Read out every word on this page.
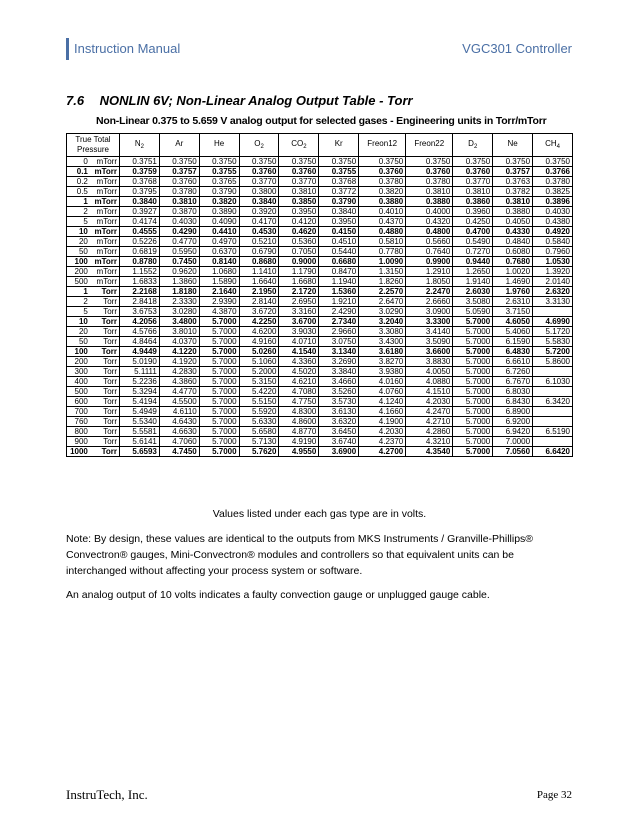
Instruction Manual	VGC301 Controller
7.6 NONLIN 6V; Non-Linear Analog Output Table - Torr
Non-Linear 0.375 to 5.659 V analog output for selected gases - Engineering units in Torr/mTorr
True Total Pressure		$N_2$	Ar	He	$O_2$	$CO_2$	Kr	Freon12	Freon22	$D_2$	Ne	$CH_4$
0	mTorr	0.3751	0.3750	0.3750	0.3750	0.3750	0.3750	0.3750	0.3750	0.3750	0.3750	0.3750
0.1	mTorr	0.3759	0.3757	0.3755	0.3760	0.3760	0.3755	0.3760	0.3760	0.3760	0.3757	0.3766
0.2	mTorr	0.3768	0.3760	0.3765	0.3770	0.3770	0.3768	0.3780	0.3780	0.3770	0.3763	0.3780
0.5	mTorr	0.3795	0.3780	0.3790	0.3800	0.3810	0.3772	0.3820	0.3810	0.3810	0.3782	0.3825
1	mTorr	0.3840	0.3810	0.3820	0.3840	0.3850	0.3790	0.3880	0.3880	0.3860	0.3810	0.3896
2	mTorr	0.3927	0.3870	0.3890	0.3920	0.3950	0.3840	0.4010	0.4000	0.3960	0.3880	0.4030
5	mTorr	0.4174	0.4030	0.4090	0.4170	0.4120	0.3950	0.4370	0.4320	0.4250	0.4050	0.4380
10	mTorr	0.4555	0.4290	0.4410	0.4530	0.4620	0.4150	0.4880	0.4800	0.4700	0.4330	0.4920
20	mTorr	0.5226	0.4770	0.4970	0.5210	0.5360	0.4510	0.5810	0.5660	0.5490	0.4840	0.5840
50	mTorr	0.6819	0.5950	0.6370	0.6790	0.7050	0.5440	0.7780	0.7640	0.7270	0.6080	0.7960
100	mTorr	0.8780	0.7450	0.8140	0.8680	0.9000	0.6680	1.0090	0.9900	0.9440	0.7680	1.0530
200	mTorr	1.1552	0.9620	1.0680	1.1410	1.1790	0.8470	1.3150	1.2910	1.2650	1.0020	1.3920
500	mTorr	1.6833	1.3860	1.5890	1.6640	1.6680	1.1940	1.8260	1.8050	1.9140	1.4690	2.0140
1	Torr	2.2168	1.8180	2.1640	2.1950	2.1720	1.5360	2.2570	2.2470	2.6030	1.9760	2.6320
2	Torr	2.8418	2.3330	2.9390	2.8140	2.6950	1.9210	2.6470	2.6660	3.5080	2.6310	3.3130
5	Torr	3.6753	3.0280	4.3870	3.6720	3.3160	2.4290	3.0290	3.0900	5.0590	3.7150	
10	Torr	4.2056	3.4800	5.7000	4.2250	3.6700	2.7340	3.2040	3.3300	5.7000	4.6050	4.6990
20	Torr	4.5766	3.8010	5.7000	4.6200	3.9030	2.9660	3.3080	3.4140	5.7000	5.4060	5.1720
50	Torr	4.8464	4.0370	5.7000	4.9160	4.0710	3.0750	3.4300	3.5090	5.7000	6.1590	5.5830
100	Torr	4.9449	4.1220	5.7000	5.0260	4.1540	3.1340	3.6180	3.6600	5.7000	6.4830	5.7200
200	Torr	5.0190	4.1920	5.7000	5.1060	4.3360	3.2690	3.8270	3.8830	5.7000	6.6610	5.8600
300	Torr	5.1111	4.2830	5.7000	5.2000	4.5020	3.3840	3.9380	4.0050	5.7000	6.7260	
400	Torr	5.2236	4.3860	5.7000	5.3150	4.6210	3.4660	4.0160	4.0880	5.7000	6.7670	6.1030
500	Torr	5.3294	4.4770	5.7000	5.4220	4.7080	3.5260	4.0760	4.1510	5.7000	6.8030	
600	Torr	5.4194	4.5500	5.7000	5.5150	4.7750	3.5730	4.1240	4.2030	5.7000	6.8430	6.3420
700	Torr	5.4949	4.6110	5.7000	5.5920	4.8300	3.6130	4.1660	4.2470	5.7000	6.8900	
760	Torr	5.5340	4.6430	5.7000	5.6330	4.8600	3.6320	4.1900	4.2710	5.7000	6.9200	
800	Torr	5.5581	4.6630	5.7000	5.6580	4.8770	3.6450	4.2030	4.2860	5.7000	6.9420	6.5190
900	Torr	5.6141	4.7060	5.7000	5.7130	4.9190	3.6740	4.2370	4.3210	5.7000	7.0000	
1000	Torr	5.6593	4.7450	5.7000	5.7620	4.9550	3.6900	4.2700	4.3540	5.7000	7.0560	6.6420
Values listed under each gas type are in volts.
Note: By design, these values are identical to the outputs from MKS Instruments / Granville-Phillips® Convectron® gauges, Mini-Convectron® modules and controllers so that equivalent units can be interchanged without affecting your process system or software.
An analog output of 10 volts indicates a faulty convection gauge or unplugged gauge cable.
InstruTech, Inc.	Page 32
